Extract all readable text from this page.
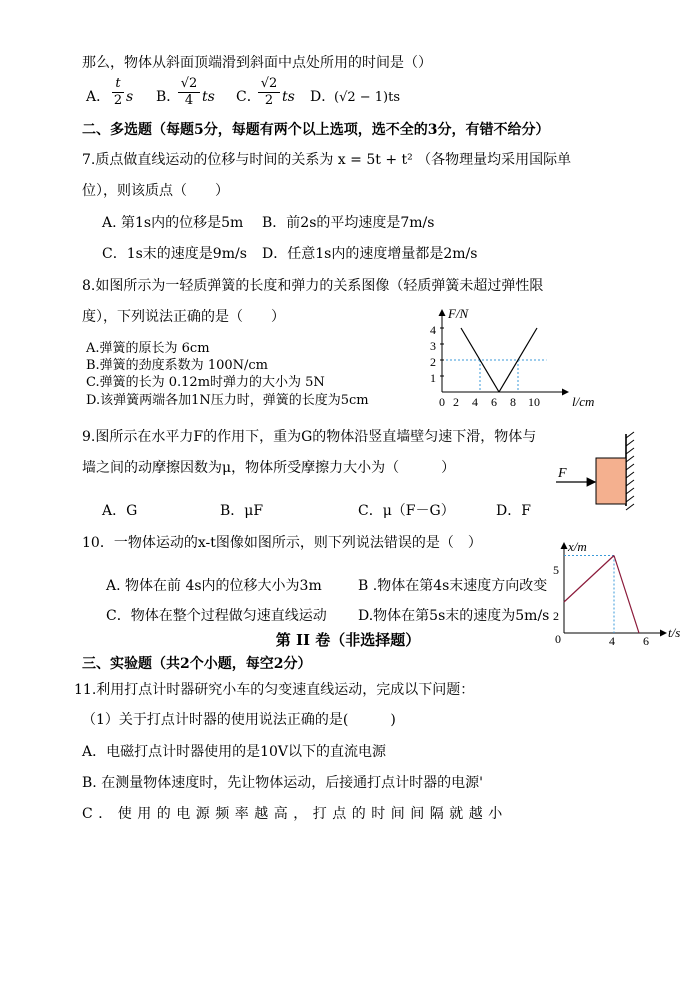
那么，物体从斜面顶端滑到斜面中点处所用的时间是（）
A．
t
2 s B．
√2
4 ts C．
√2
2 ts D．
(√2 − 1)ts
二、多选题（每题5分，每题有两个以上选项，选不全的3分，有错不给分）
7.质点做直线运动的位移与时间的关系为 x = 5t + t² （各物理量均采用国际单
位），则该质点（　　）
A. 第1s内的位移是5m B．前2s的平均速度是7m/s
C．1s末的速度是9m/s D．任意1s内的速度增量都是2m/s
8.如图所示为一轻质弹簧的长度和弹力的关系图像（轻质弹簧未超过弹性限
度），下列说法正确的是（　　）
A.弹簧的原长为 6cm
B.弹簧的劲度系数为 100N/cm
C.弹簧的长为 0.12m时弹力的大小为 5N
D.该弹簧两端各加1N压力时，弹簧的长度为5cm
F/N
l/cm
0 2 4 6 8 10
1
2
3
4
9.图所示在水平力F的作用下，重为G的物体沿竖直墙壁匀速下滑，物体与
墙之间的动摩擦因数为μ，物体所受摩擦力大小为（　　　）
A．G	B．μF	C．μ（F－G）	D．F
F
10．一物体运动的x-t图像如图所示，则下列说法错误的是（　）
A. 物体在前 4s内的位移大小为3m	B .物体在第4s末速度方向改变
C．物体在整个过程做匀速直线运动 D.物体在第5s末的速度为5m/s
x/m
t/s
0	4 6
2
5
第 II 卷（非选择题）
三、实验题（共2个小题，每空2分）
11.利用打点计时器研究小车的匀变速直线运动，完成以下问题：
（1）关于打点计时器的使用说法正确的是(　　　)
A．电磁打点计时器使用的是10V以下的直流电源
B. 在测量物体速度时，先让物体运动，后接通打点计时器的电源'
C．使用的电源频率越高，打点的时间间隔就越小
